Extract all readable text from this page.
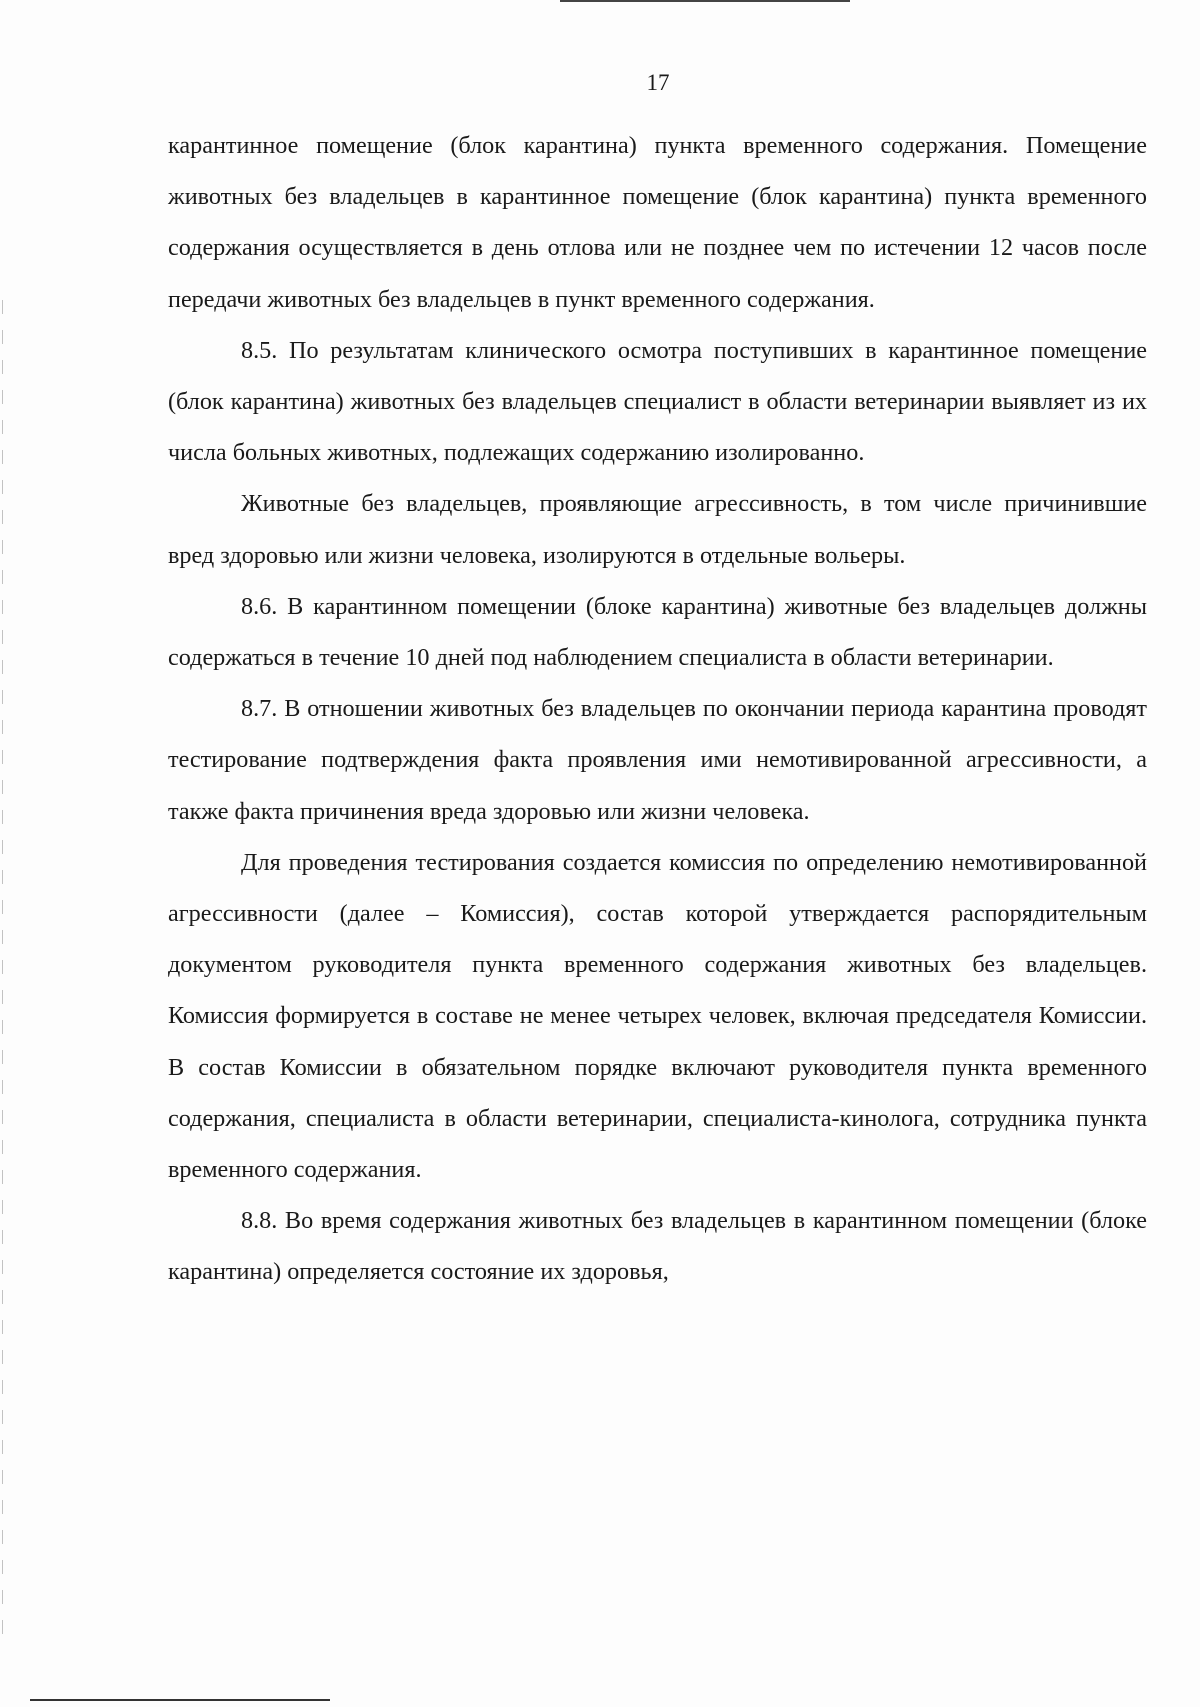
17

карантинное помещение (блок карантина) пункта временного содержания. Помещение животных без владельцев в карантинное помещение (блок карантина) пункта временного содержания осуществляется в день отлова или не позднее чем по истечении 12 часов после передачи животных без владельцев в пункт временного содержания.

8.5. По результатам клинического осмотра поступивших в карантинное помещение (блок карантина) животных без владельцев специалист в области ветеринарии выявляет из их числа больных животных, подлежащих содержанию изолированно.

Животные без владельцев, проявляющие агрессивность, в том числе причинившие вред здоровью или жизни человека, изолируются в отдельные вольеры.

8.6. В карантинном помещении (блоке карантина) животные без владельцев должны содержаться в течение 10 дней под наблюдением специалиста в области ветеринарии.

8.7. В отношении животных без владельцев по окончании периода карантина проводят тестирование подтверждения факта проявления ими немотивированной агрессивности, а также факта причинения вреда здоровью или жизни человека.

Для проведения тестирования создается комиссия по определению немотивированной агрессивности (далее – Комиссия), состав которой утверждается распорядительным документом руководителя пункта временного содержания животных без владельцев. Комиссия формируется в составе не менее четырех человек, включая председателя Комиссии. В состав Комиссии в обязательном порядке включают руководителя пункта временного содержания, специалиста в области ветеринарии, специалиста-кинолога, сотрудника пункта временного содержания.

8.8. Во время содержания животных без владельцев в карантинном помещении (блоке карантина) определяется состояние их здоровья,
